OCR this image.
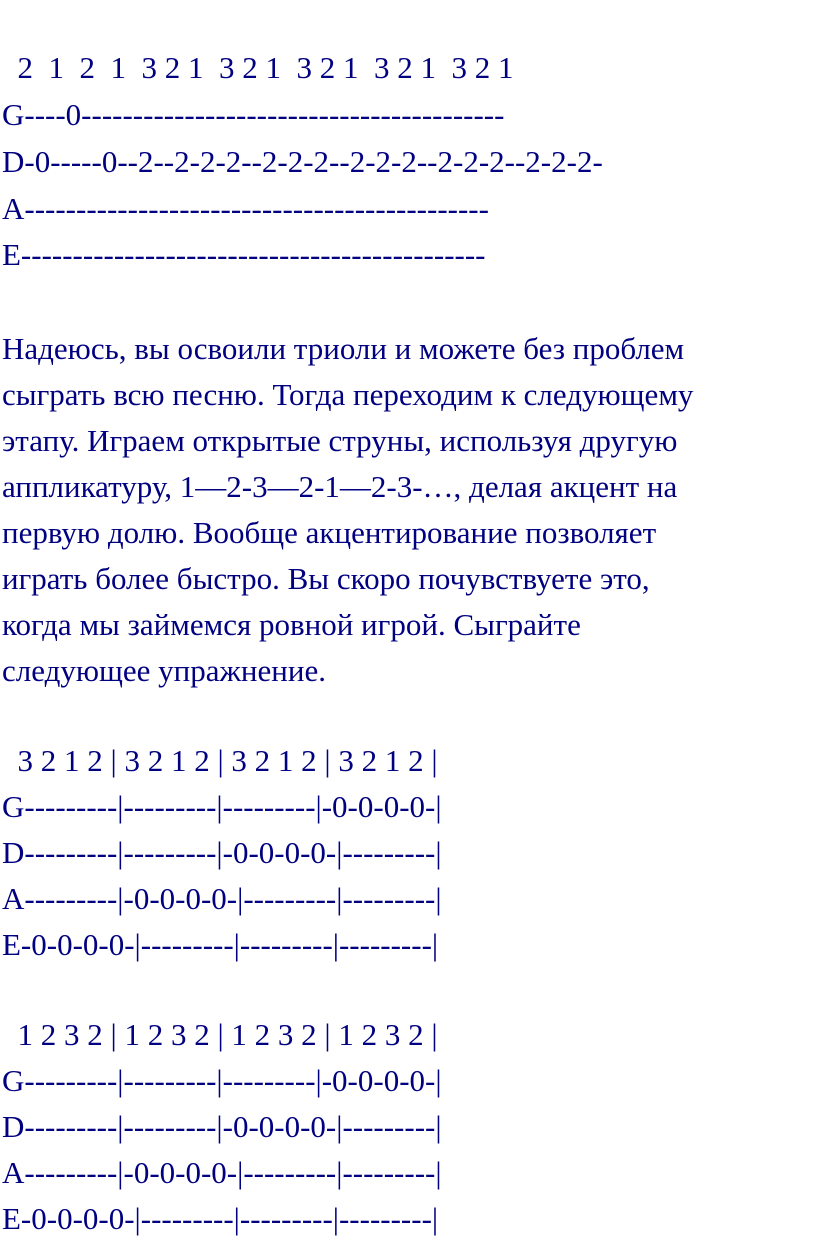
2  1  2  1  3 2 1  3 2 1  3 2 1  3 2 1  3 2 1
G----0-----------------------------------------
D-0-----0--2--2-2-2--2-2-2--2-2-2--2-2-2--2-2-2-
A---------------------------------------------
E---------------------------------------------
Надеюсь, вы освоили триоли и можете без проблем
сыграть всю песню. Тогда переходим к следующему
этапу. Играем открытые струны, используя другую
аппликатуру, 1—2-3—2-1—2-3-…, делая акцент на
первую долю. Вообще акцентирование позволяет
играть более быстро. Вы скоро почувствуете это,
когда мы займемся ровной игрой. Сыграйте
следующее упражнение.
3 2 1 2 | 3 2 1 2 | 3 2 1 2 | 3 2 1 2 |
G---------|---------|---------|-0-0-0-0-|
D---------|---------|-0-0-0-0-|---------|
A---------|-0-0-0-0-|---------|---------|
E-0-0-0-0-|---------|---------|---------|
1 2 3 2 | 1 2 3 2 | 1 2 3 2 | 1 2 3 2 |
G---------|---------|---------|-0-0-0-0-|
D---------|---------|-0-0-0-0-|---------|
A---------|-0-0-0-0-|---------|---------|
E-0-0-0-0-|---------|---------|---------|
